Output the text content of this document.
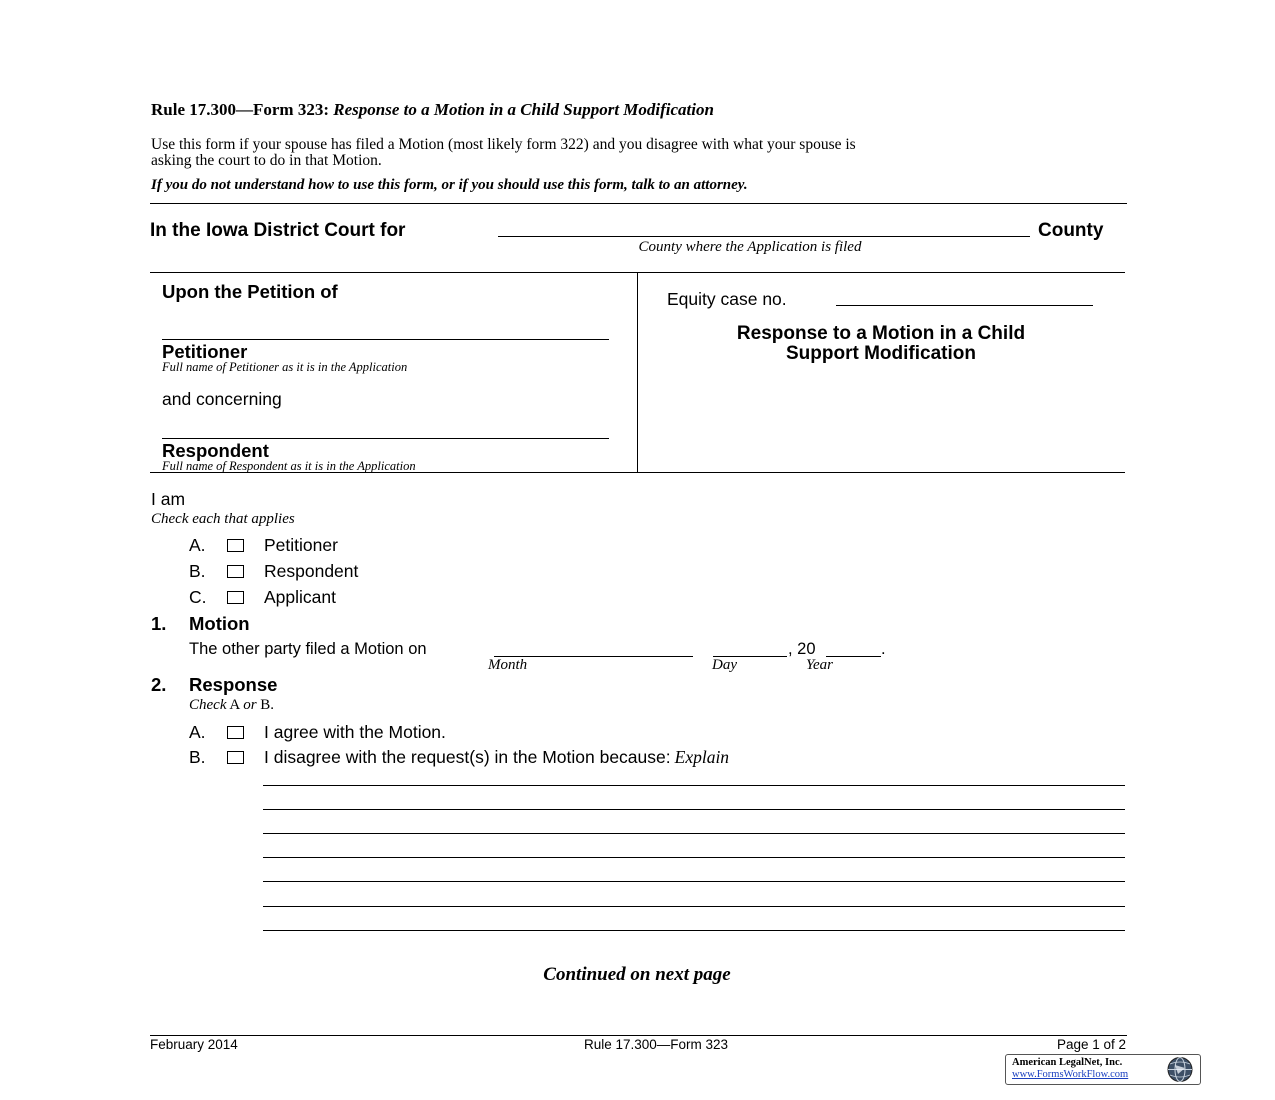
Rule 17.300—Form 323: Response to a Motion in a Child Support Modification
Use this form if your spouse has filed a Motion (most likely form 322) and you disagree with what your spouse is
asking the court to do in that Motion.
If you do not understand how to use this form, or if you should use this form, talk to an attorney.
In the Iowa District Court for	County
County where the Application is filed
Upon the Petition of
Petitioner
Full name of Petitioner as it is in the Application
and concerning
Respondent
Full name of Respondent as it is in the Application
Equity case no.
Response to a Motion in a Child
Support Modification
I am
Check each that applies
A.	Petitioner
B.	Respondent
C.	Applicant
1. Motion
The other party filed a Motion on	, 20	.
Month	Day	Year
2. Response
Check A or B.
A.	I agree with the Motion.
B.	I disagree with the request(s) in the Motion because: Explain
Continued on next page
February 2014	Rule 17.300—Form 323	Page 1 of 2
American LegalNet, Inc.
www.FormsWorkFlow.com
